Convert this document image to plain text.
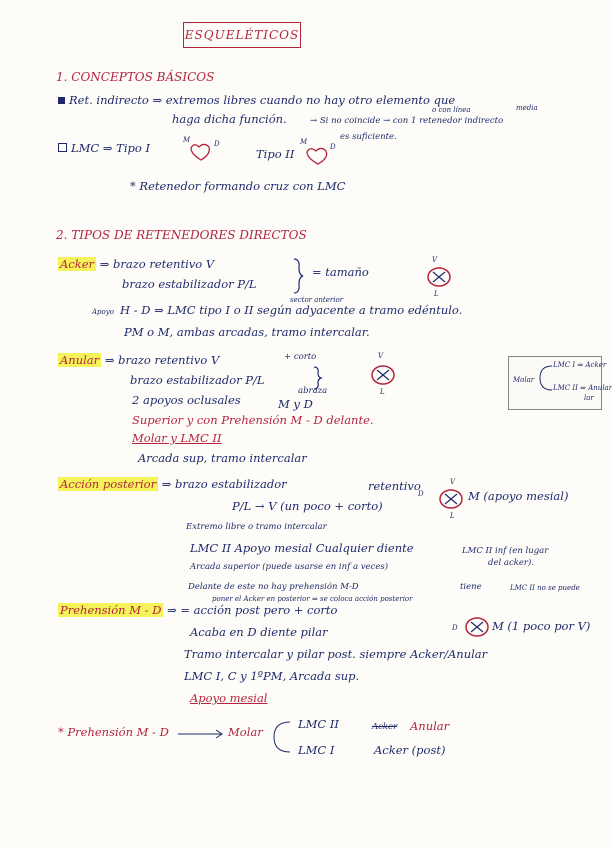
ESQUELÉTICOS
1. CONCEPTOS BÁSICOS
Ret. indirecto ⇒ extremos libres cuando no hay otro elemento que
haga dicha función.	→ Si no coincide → con 1 retenedor indirecto
o con línea	media
es suficiente.
LMC ⇒ Tipo I
M	D
Tipo II
M
D
* Retenedor formando cruz con LMC
2. TIPOS DE RETENEDORES DIRECTOS
Acker ⇒ brazo retentivo V
brazo estabilizador P/L
= tamaño
V
L
sector anterior
Apoyo H - D ⇒ LMC tipo I o II según adyacente a tramo edéntulo.
PM o M, ambas arcadas, tramo intercalar.
Anular ⇒ brazo retentivo V	+ corto
brazo estabilizador P/L
abraza
2 apoyos oclusales	M y D
Superior y con Prehensión M - D delante.
Molar y LMC II
Arcada sup, tramo intercalar
V
L
Molar
LMC I ⇒ Acker
LMC II ⇒ Anular
lar
Acción posterior ⇒ brazo estabilizador	retentivo
P/L → V (un poco + corto)
Extremo libre o tramo intercalar
LMC II Apoyo mesial Cualquier diente	LMC II inf (en lugar
del acker).
Arcada superior (puede usarse en inf a veces)
Delante de este no hay prehensión M-D	tiene	LMC II no se puede
poner el Acker en posterior ⇒ se coloca acción posterior
D
V
L
M (apoyo mesial)
Prehensión M - D ⇒ = acción post pero + corto
Acaba en D diente pilar
Tramo intercalar y pilar post. siempre Acker/Anular
LMC I, C y 1ºPM, Arcada sup.
Apoyo mesial
D	M (1 poco por V)
* Prehensión M - D	Molar
LMC II	Acker Anular
LMC I	Acker (post)
